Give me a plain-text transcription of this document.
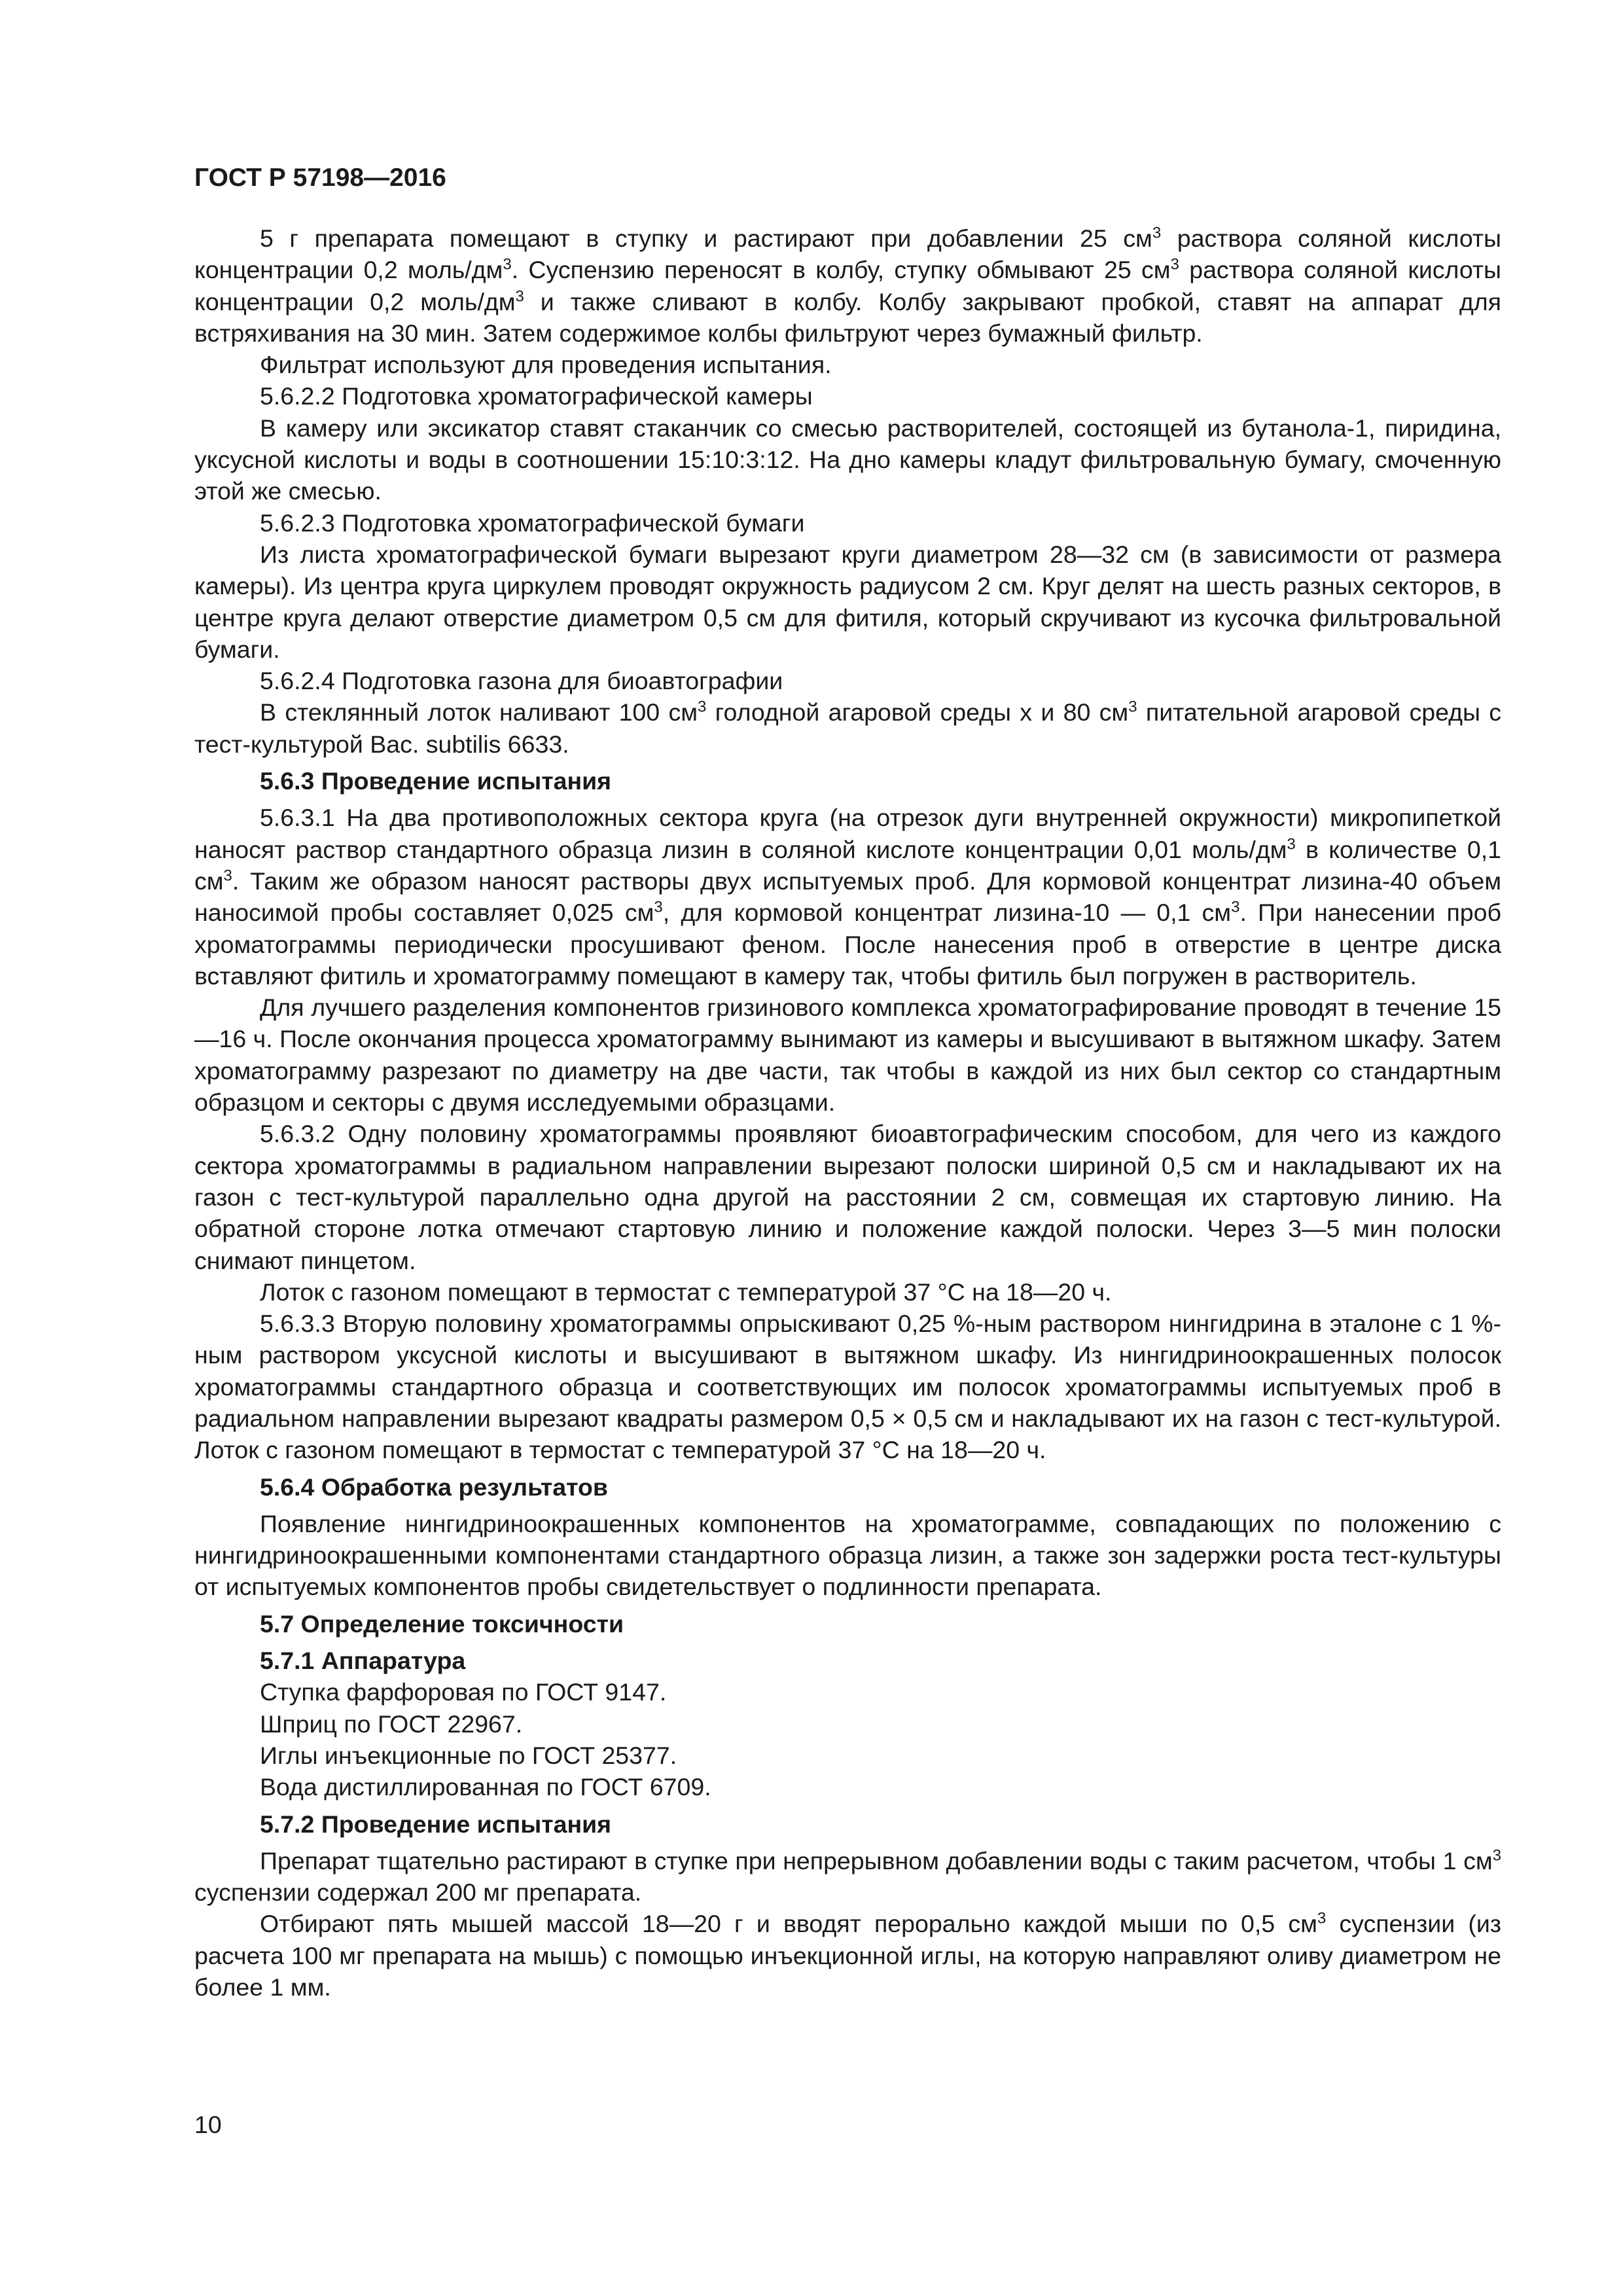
ГОСТ Р 57198—2016

5 г препарата помещают в ступку и растирают при добавлении 25 $см^3$ раствора соляной кислоты концентрации 0,2 моль/$дм^3$. Суспензию переносят в колбу, ступку обмывают 25 $см^3$ раствора соляной кислоты концентрации 0,2 моль/$дм^3$ и также сливают в колбу. Колбу закрывают пробкой, ставят на аппарат для встряхивания на 30 мин. Затем содержимое колбы фильтруют через бумажный фильтр.

Фильтрат используют для проведения испытания.

5.6.2.2 Подготовка хроматографической камеры

В камеру или эксикатор ставят стаканчик со смесью растворителей, состоящей из бутанола-1, пиридина, уксусной кислоты и воды в соотношении 15:10:3:12. На дно камеры кладут фильтровальную бумагу, смоченную этой же смесью.

5.6.2.3 Подготовка хроматографической бумаги

Из листа хроматографической бумаги вырезают круги диаметром 28—32 см (в зависимости от размера камеры). Из центра круга циркулем проводят окружность радиусом 2 см. Круг делят на шесть разных секторов, в центре круга делают отверстие диаметром 0,5 см для фитиля, который скручивают из кусочка фильтровальной бумаги.

5.6.2.4 Подготовка газона для биоавтографии

В стеклянный лоток наливают 100 $см^3$ голодной агаровой среды х и 80 $см^3$ питательной агаровой среды с тест-культурой Bac. subtilis 6633.

5.6.3 Проведение испытания

5.6.3.1 На два противоположных сектора круга (на отрезок дуги внутренней окружности) микропипеткой наносят раствор стандартного образца лизин в соляной кислоте концентрации 0,01 моль/$дм^3$ в количестве 0,1 $см^3$. Таким же образом наносят растворы двух испытуемых проб. Для кормовой концентрат лизина-40 объем наносимой пробы составляет 0,025 $см^3$, для кормовой концентрат лизина-10 — 0,1 $см^3$. При нанесении проб хроматограммы периодически просушивают феном. После нанесения проб в отверстие в центре диска вставляют фитиль и хроматограмму помещают в камеру так, чтобы фитиль был погружен в растворитель.

Для лучшего разделения компонентов гризинового комплекса хроматографирование проводят в течение 15—16 ч. После окончания процесса хроматограмму вынимают из камеры и высушивают в вытяжном шкафу. Затем хроматограмму разрезают по диаметру на две части, так чтобы в каждой из них был сектор со стандартным образцом и секторы с двумя исследуемыми образцами.

5.6.3.2 Одну половину хроматограммы проявляют биоавтографическим способом, для чего из каждого сектора хроматограммы в радиальном направлении вырезают полоски шириной 0,5 см и накладывают их на газон с тест-культурой параллельно одна другой на расстоянии 2 см, совмещая их стартовую линию. На обратной стороне лотка отмечают стартовую линию и положение каждой полоски. Через 3—5 мин полоски снимают пинцетом.

Лоток с газоном помещают в термостат с температурой 37 °С на 18—20 ч.

5.6.3.3 Вторую половину хроматограммы опрыскивают 0,25 %-ным раствором нингидрина в эталоне с 1 %-ным раствором уксусной кислоты и высушивают в вытяжном шкафу. Из нингидриноокрашенных полосок хроматограммы стандартного образца и соответствующих им полосок хроматограммы испытуемых проб в радиальном направлении вырезают квадраты размером 0,5 × 0,5 см и накладывают их на газон с тест-культурой. Лоток с газоном помещают в термостат с температурой 37 °С на 18—20 ч.

5.6.4 Обработка результатов

Появление нингидриноокрашенных компонентов на хроматограмме, совпадающих по положению с нингидриноокрашенными компонентами стандартного образца лизин, а также зон задержки роста тест-культуры от испытуемых компонентов пробы свидетельствует о подлинности препарата.

5.7 Определение токсичности

5.7.1 Аппаратура

Ступка фарфоровая по ГОСТ 9147.

Шприц по ГОСТ 22967.

Иглы инъекционные по ГОСТ 25377.

Вода дистиллированная по ГОСТ 6709.

5.7.2 Проведение испытания

Препарат тщательно растирают в ступке при непрерывном добавлении воды с таким расчетом, чтобы 1 $см^3$ суспензии содержал 200 мг препарата.

Отбирают пять мышей массой 18—20 г и вводят перорально каждой мыши по 0,5 $см^3$ суспензии (из расчета 100 мг препарата на мышь) с помощью инъекционной иглы, на которую направляют оливу диаметром не более 1 мм.

10
